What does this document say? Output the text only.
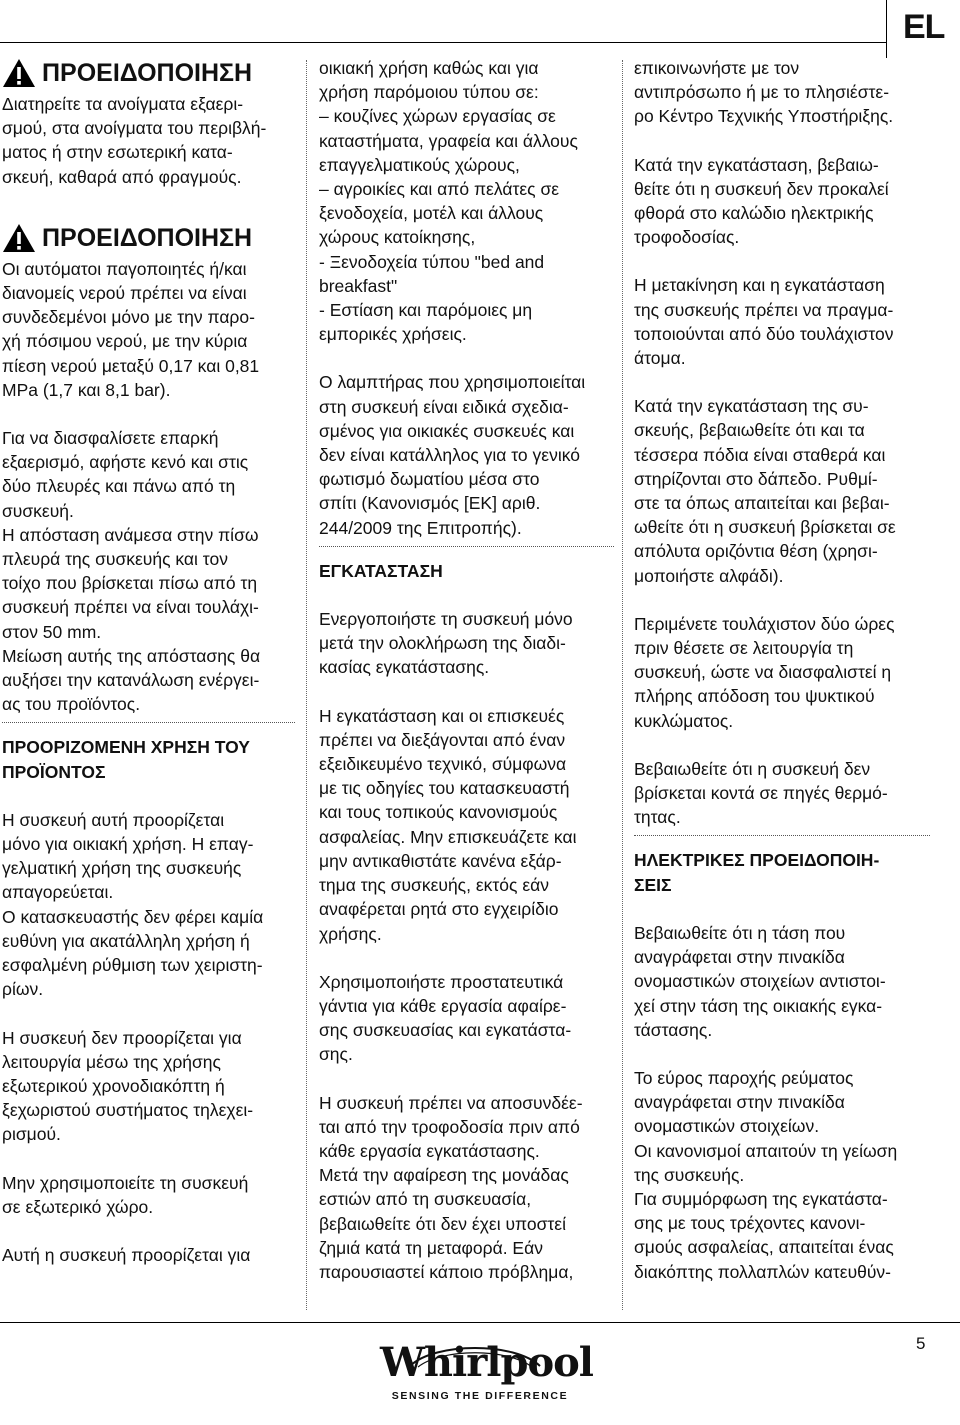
EL
ΠΡΟΕΙΔΟΠΟΙΗΣΗ

Διατηρείτε τα ανοίγματα εξαερι-

σμού, στα ανοίγματα του περιβλή-

ματος ή στην εσωτερική κατα-

σκευή, καθαρά από φραγμούς.

ΠΡΟΕΙΔΟΠΟΙΗΣΗ

Οι αυτόματοι παγοποιητές ή/και

διανομείς νερού πρέπει να είναι

συνδεδεμένοι μόνο με την παρο-

χή πόσιμου νερού, με την κύρια

πίεση νερού μεταξύ 0,17 και 0,81

MPa (1,7 και 8,1 bar).

Για να διασφαλίσετε επαρκή

εξαερισμό, αφήστε κενό και στις

δύο πλευρές και πάνω από τη

συσκευή.

Η απόσταση ανάμεσα στην πίσω

πλευρά της συσκευής και τον

τοίχο που βρίσκεται πίσω από τη

συσκευή πρέπει να είναι τουλάχι-

στον 50 mm.

Μείωση αυτής της απόστασης θα

αυξήσει την κατανάλωση ενέργει-

ας του προϊόντος.

ΠΡΟΟΡΙΖΟΜΕΝΗ ΧΡΗΣΗ ΤΟΥ

ΠΡΟΪΟΝΤΟΣ

Η συσκευή αυτή προορίζεται

μόνο για οικιακή χρήση. Η επαγ-

γελματική χρήση της συσκευής

απαγορεύεται.

Ο κατασκευαστής δεν φέρει καμία

ευθύνη για ακατάλληλη χρήση ή

εσφαλμένη ρύθμιση των χειριστη-

ρίων.

Η συσκευή δεν προορίζεται για

λειτουργία μέσω της χρήσης

εξωτερικού χρονοδιακόπτη ή

ξεχωριστού συστήματος τηλεχει-

ρισμού.

Μην χρησιμοποιείτε τη συσκευή

σε εξωτερικό χώρο.

Αυτή η συσκευή προορίζεται για

οικιακή χρήση καθώς και για

χρήση παρόμοιου τύπου σε:

– κουζίνες χώρων εργασίας σε

καταστήματα, γραφεία και άλλους

επαγγελματικούς χώρους,

– αγροικίες και από πελάτες σε

ξενοδοχεία, μοτέλ και άλλους

χώρους κατοίκησης,

- Ξενοδοχεία τύπου "bed and

breakfast"

- Εστίαση και παρόμοιες μη

εμπορικές χρήσεις.

Ο λαμπτήρας που χρησιμοποιείται

στη συσκευή είναι ειδικά σχεδια-

σμένος για οικιακές συσκευές και

δεν είναι κατάλληλος για το γενικό

φωτισμό δωματίου μέσα στο

σπίτι (Κανονισμός [ΕΚ] αριθ.

244/2009 της Επιτροπής).

ΕΓΚΑΤΑΣΤΑΣΗ

Ενεργοποιήστε τη συσκευή μόνο

μετά την ολοκλήρωση της διαδι-

κασίας εγκατάστασης.

Η εγκατάσταση και οι επισκευές

πρέπει να διεξάγονται από έναν

εξειδικευμένο τεχνικό, σύμφωνα

με τις οδηγίες του κατασκευαστή

και τους τοπικούς κανονισμούς

ασφαλείας. Μην επισκευάζετε και

μην αντικαθιστάτε κανένα εξάρ-

τημα της συσκευής, εκτός εάν

αναφέρεται ρητά στο εγχειρίδιο

χρήσης.

Χρησιμοποιήστε προστατευτικά

γάντια για κάθε εργασία αφαίρε-

σης συσκευασίας και εγκατάστα-

σης.

Η συσκευή πρέπει να αποσυνδέε-

ται από την τροφοδοσία πριν από

κάθε εργασία εγκατάστασης.

Μετά την αφαίρεση της μονάδας

εστιών από τη συσκευασία,

βεβαιωθείτε ότι δεν έχει υποστεί

ζημιά κατά τη μεταφορά. Εάν

παρουσιαστεί κάποιο πρόβλημα,

επικοινωνήστε με τον

αντιπρόσωπο ή με το πλησιέστε-

ρο Κέντρο Τεχνικής Υποστήριξης.

Κατά την εγκατάσταση, βεβαιω-

θείτε ότι η συσκευή δεν προκαλεί

φθορά στο καλώδιο ηλεκτρικής

τροφοδοσίας.

Η μετακίνηση και η εγκατάσταση

της συσκευής πρέπει να πραγμα-

τοποιούνται από δύο τουλάχιστον

άτομα.

Κατά την εγκατάσταση της συ-

σκευής, βεβαιωθείτε ότι και τα

τέσσερα πόδια είναι σταθερά και

στηρίζονται στο δάπεδο. Ρυθμί-

στε τα όπως απαιτείται και βεβαι-

ωθείτε ότι η συσκευή βρίσκεται σε

απόλυτα οριζόντια θέση (χρησι-

μοποιήστε αλφάδι).

Περιμένετε τουλάχιστον δύο ώρες

πριν θέσετε σε λειτουργία τη

συσκευή, ώστε να διασφαλιστεί η

πλήρης απόδοση του ψυκτικού

κυκλώματος.

Βεβαιωθείτε ότι η συσκευή δεν

βρίσκεται κοντά σε πηγές θερμό-

τητας.

ΗΛΕΚΤΡΙΚΕΣ ΠΡΟΕΙΔΟΠΟΙΗ-

ΣΕΙΣ

Βεβαιωθείτε ότι η τάση που

αναγράφεται στην πινακίδα

ονομαστικών στοιχείων αντιστοι-

χεί στην τάση της οικιακής εγκα-

τάστασης.

Το εύρος παροχής ρεύματος

αναγράφεται στην πινακίδα

ονομαστικών στοιχείων.

Οι κανονισμοί απαιτούν τη γείωση

της συσκευής.

Για συμμόρφωση της εγκατάστα-

σης με τους τρέχοντες κανονι-

σμούς ασφαλείας, απαιτείται ένας

διακόπτης πολλαπλών κατευθύν-

5
Whirlpool
SENSING THE DIFFERENCE
